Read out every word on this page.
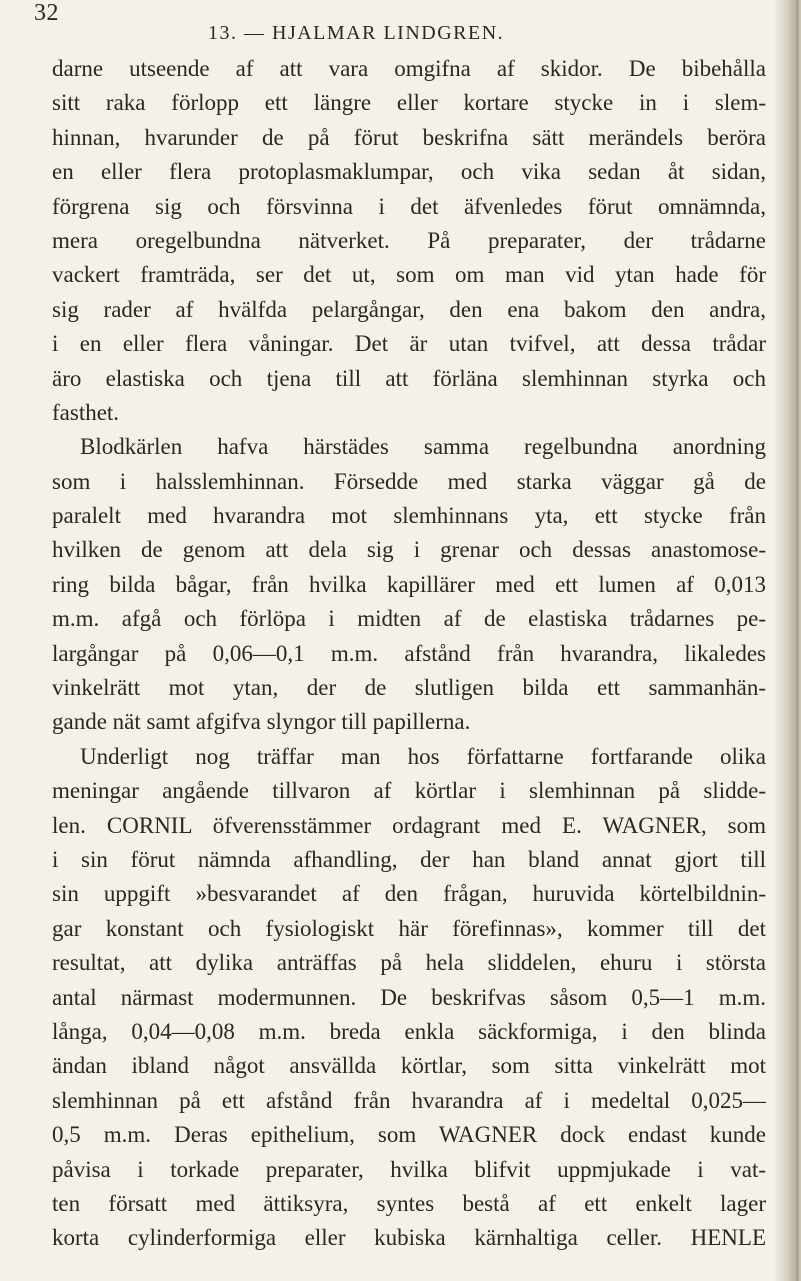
32
13. — HJALMAR LINDGREN.
darne utseende af att vara omgifna af skidor. De bibehålla
sitt raka förlopp ett längre eller kortare stycke in i slem-
hinnan, hvarunder de på förut beskrifna sätt merändels beröra
en eller flera protoplasmaklumpar, och vika sedan åt sidan,
förgrena sig och försvinna i det äfvenledes förut omnämnda,
mera oregelbundna nätverket. På preparater, der trådarne
vackert framträda, ser det ut, som om man vid ytan hade för
sig rader af hvälfda pelargångar, den ena bakom den andra,
i en eller flera våningar. Det är utan tvifvel, att dessa trådar
äro elastiska och tjena till att förläna slemhinnan styrka och
fasthet.
Blodkärlen hafva härstädes samma regelbundna anordning
som i halsslemhinnan. Försedde med starka väggar gå de
paralelt med hvarandra mot slemhinnans yta, ett stycke från
hvilken de genom att dela sig i grenar och dessas anastomose-
ring bilda bågar, från hvilka kapillärer med ett lumen af 0,013
m.m. afgå och förlöpa i midten af de elastiska trådarnes pe-
largångar på 0,06—0,1 m.m. afstånd från hvarandra, likaledes
vinkelrätt mot ytan, der de slutligen bilda ett sammanhän-
gande nät samt afgifva slyngor till papillerna.
Underligt nog träffar man hos författarne fortfarande olika
meningar angående tillvaron af körtlar i slemhinnan på slidde-
len. CORNIL öfverensstämmer ordagrant med E. WAGNER, som
i sin förut nämnda afhandling, der han bland annat gjort till
sin uppgift »besvarandet af den frågan, huruvida körtelbildnin-
gar konstant och fysiologiskt här förefinnas», kommer till det
resultat, att dylika anträffas på hela sliddelen, ehuru i största
antal närmast modermunnen. De beskrifvas såsom 0,5—1 m.m.
långa, 0,04—0,08 m.m. breda enkla säckformiga, i den blinda
ändan ibland något ansvällda körtlar, som sitta vinkelrätt mot
slemhinnan på ett afstånd från hvarandra af i medeltal 0,025—
0,5 m.m. Deras epithelium, som WAGNER dock endast kunde
påvisa i torkade preparater, hvilka blifvit uppmjukade i vat-
ten försatt med ättiksyra, syntes bestå af ett enkelt lager
korta cylinderformiga eller kubiska kärnhaltiga celler. HENLE
